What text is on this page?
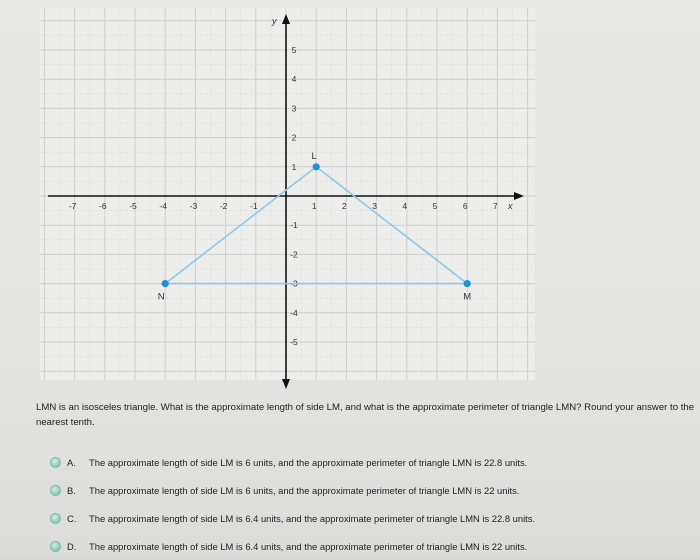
-7	-6	-5	-4	-3	-2	-1	1	2	3	4	5	6	7
5
4
3
2
1
-1
-2
-3
-4
-5
x
y
L
M
N
LMN is an isosceles triangle. What is the approximate length of side LM, and what is the approximate perimeter of triangle LMN? Round your answer to the nearest tenth.
A.	The approximate length of side LM is 6 units, and the approximate perimeter of triangle LMN is 22.8 units.
B.	The approximate length of side LM is 6 units, and the approximate perimeter of triangle LMN is 22 units.
C.	The approximate length of side LM is 6.4 units, and the approximate perimeter of triangle LMN is 22.8 units.
D.	The approximate length of side LM is 6.4 units, and the approximate perimeter of triangle LMN is 22 units.
